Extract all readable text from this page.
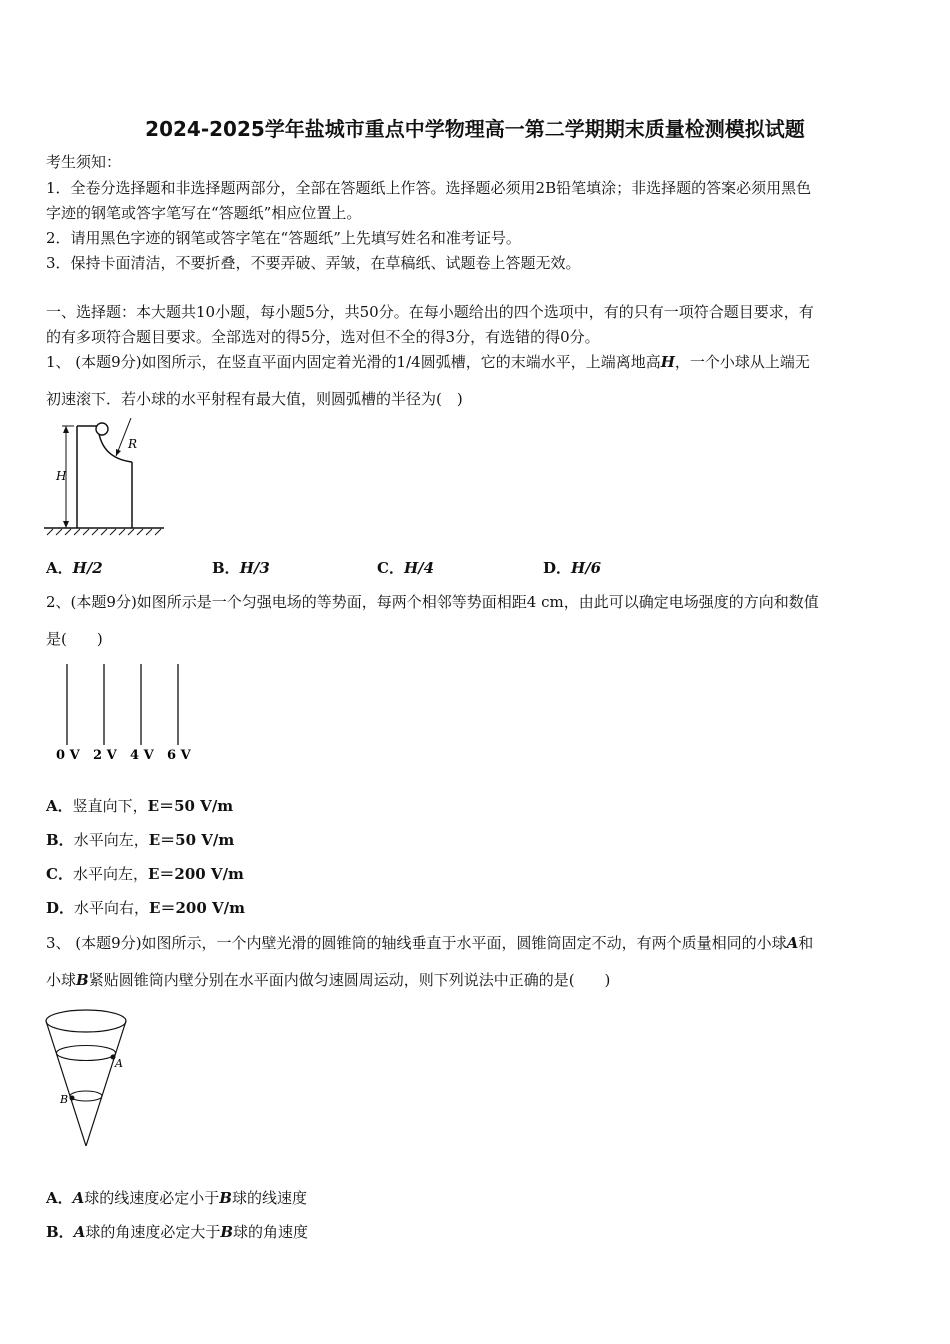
2024-2025学年盐城市重点中学物理高一第二学期期末质量检测模拟试题
考生须知：
1．全卷分选择题和非选择题两部分，全部在答题纸上作答。选择题必须用2B铅笔填涂；非选择题的答案必须用黑色
字迹的钢笔或答字笔写在“答题纸”相应位置上。
2．请用黑色字迹的钢笔或答字笔在“答题纸”上先填写姓名和准考证号。
3．保持卡面清洁，不要折叠，不要弄破、弄皱，在草稿纸、试题卷上答题无效。
一、选择题：本大题共10小题，每小题5分，共50分。在每小题给出的四个选项中，有的只有一项符合题目要求，有
的有多项符合题目要求。全部选对的得5分，选对但不全的得3分，有选错的得0分。
1、 (本题9分)如图所示，在竖直平面内固定着光滑的1/4圆弧槽，它的末端水平，上端离地高H，一个小球从上端无
初速滚下．若小球的水平射程有最大值，则圆弧槽的半径为(　)
H
R
A．H/2	B．H/3	C．H/4	D．H/6
2、(本题9分)如图所示是一个匀强电场的等势面，每两个相邻等势面相距4 cm，由此可以确定电场强度的方向和数值
是(　　)
0 V 2 V 4 V 6 V
A．竖直向下，E＝50 V/m
B．水平向左，E＝50 V/m
C．水平向左，E＝200 V/m
D．水平向右，E＝200 V/m
3、 (本题9分)如图所示，一个内壁光滑的圆锥筒的轴线垂直于水平面，圆锥筒固定不动，有两个质量相同的小球A和
小球B紧贴圆锥筒内壁分别在水平面内做匀速圆周运动，则下列说法中正确的是(　　)
A
B
A．A球的线速度必定小于B球的线速度
B．A球的角速度必定大于B球的角速度
